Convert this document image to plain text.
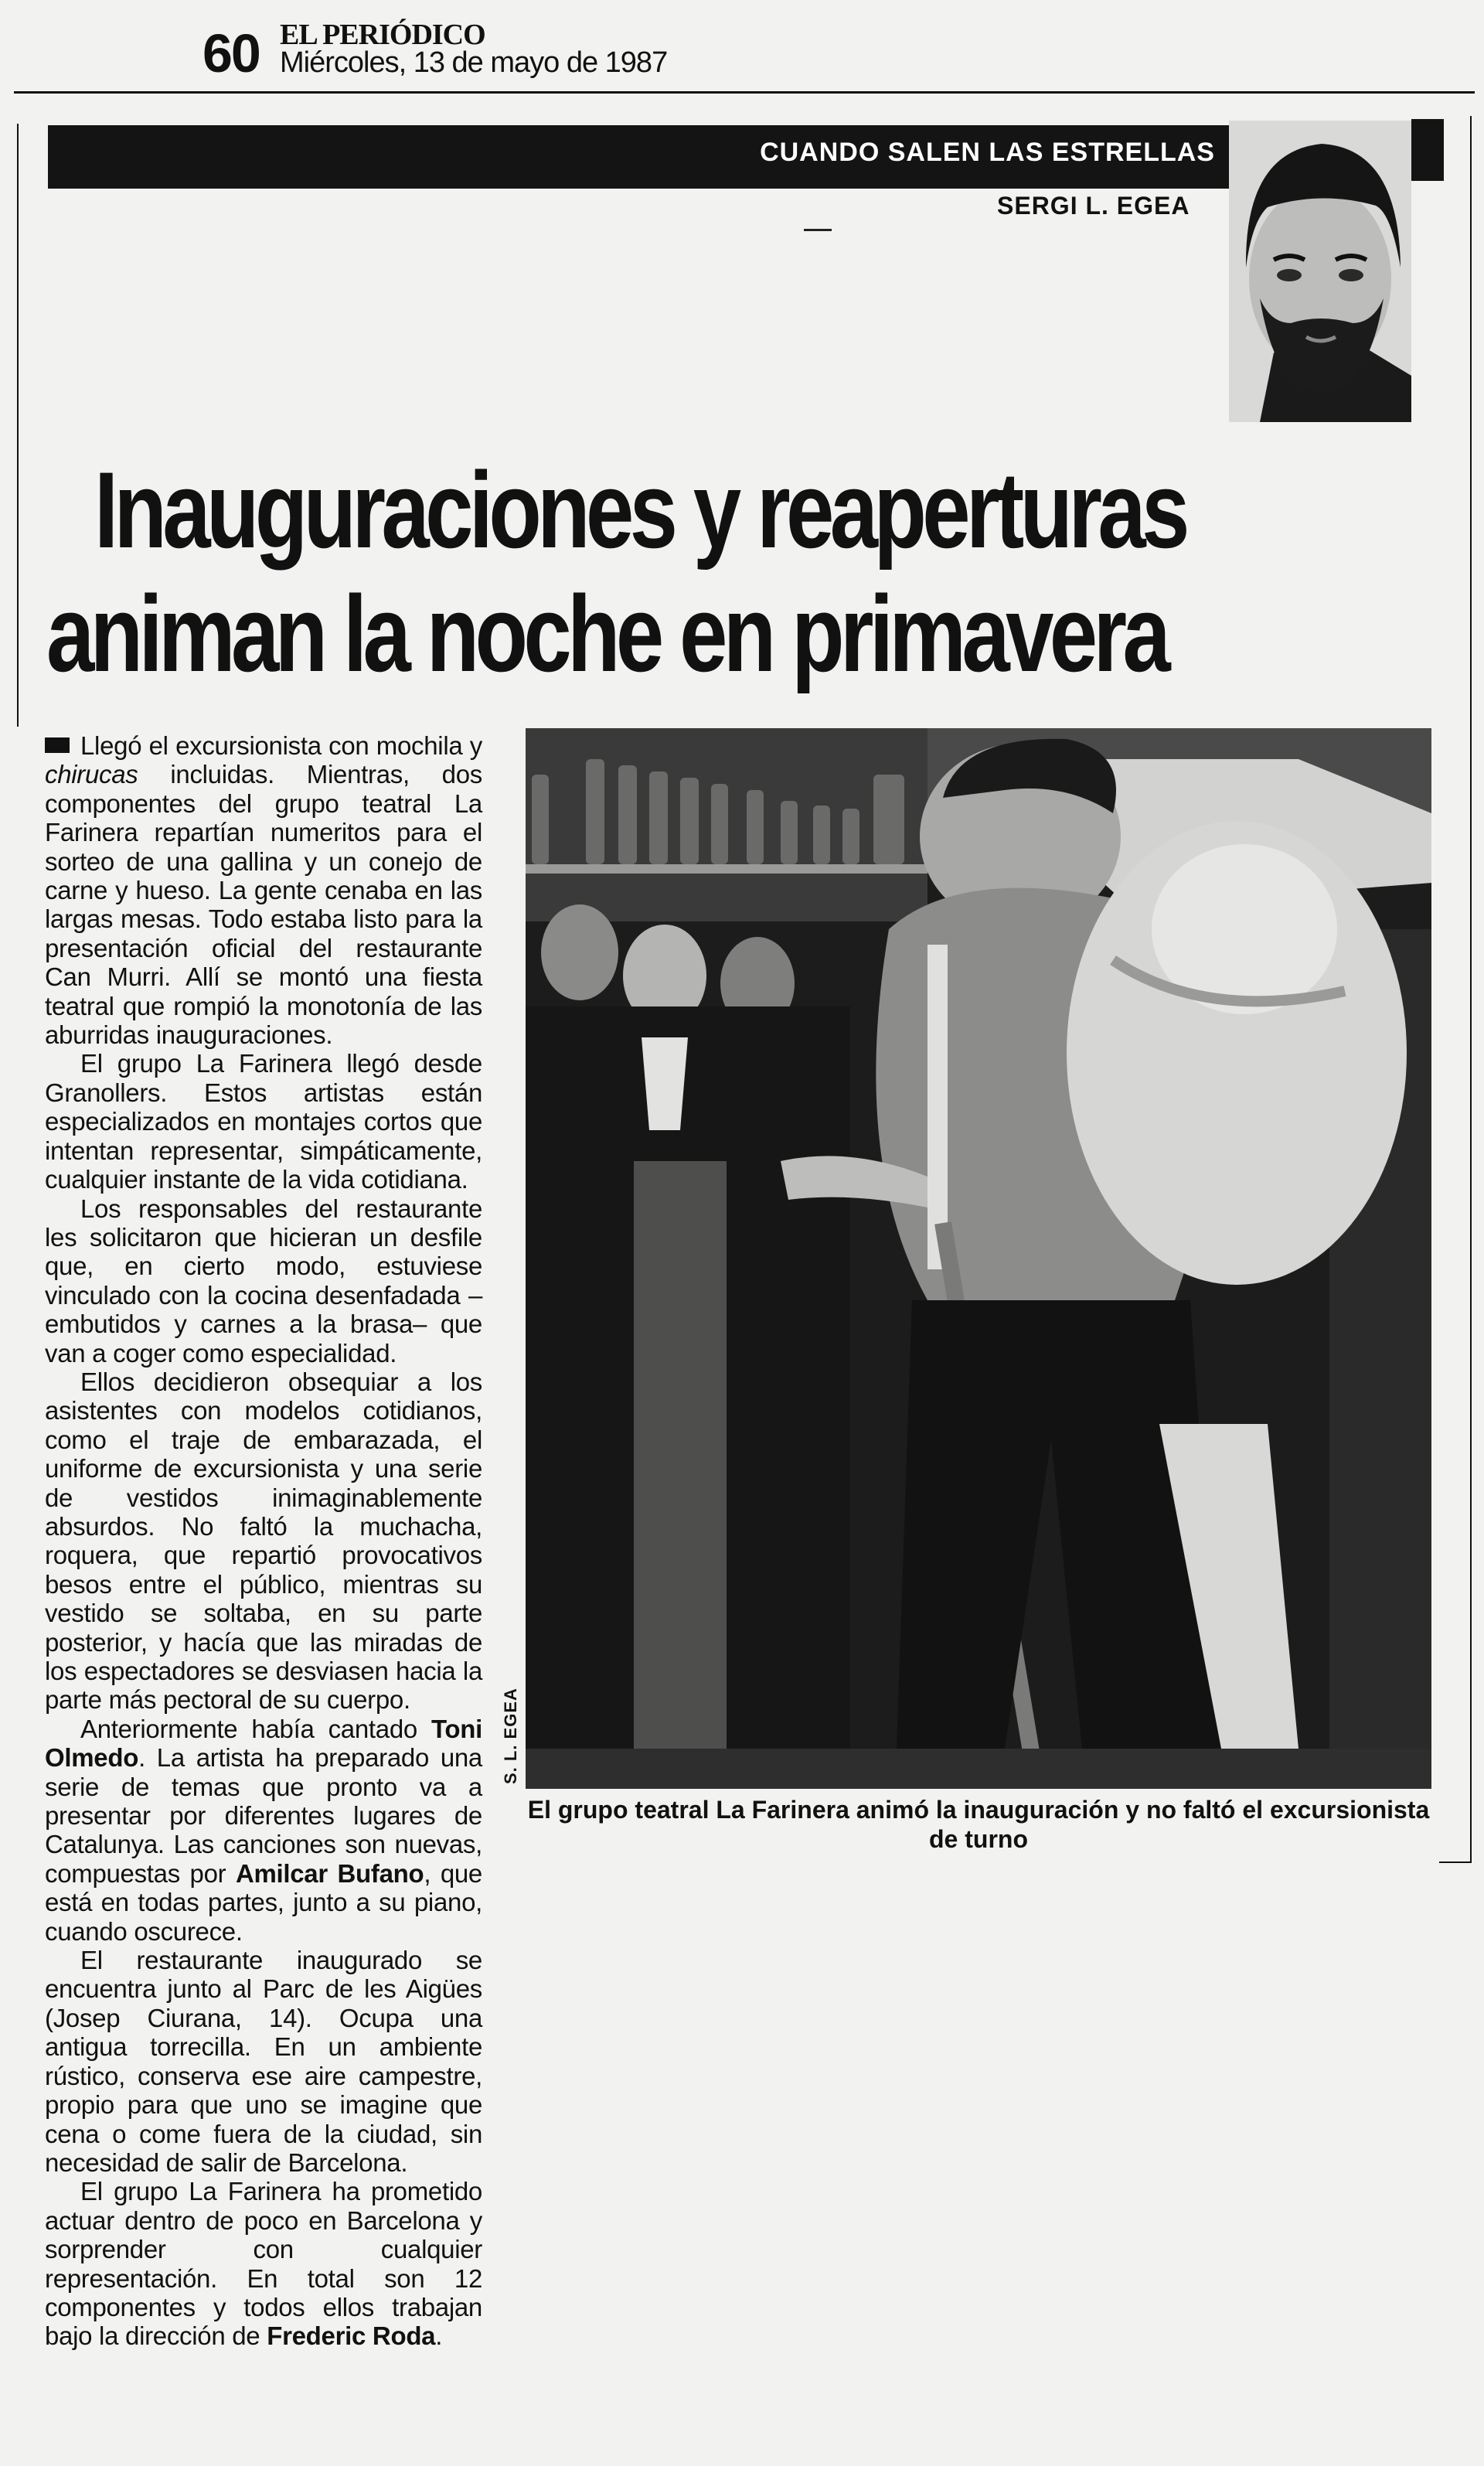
60 EL PERIÓDICO
Miércoles, 13 de mayo de 1987
CUANDO SALEN LAS ESTRELLAS
SERGI L. EGEA
Inauguraciones y reaperturas
animan la noche en primavera

Llegó el excursionista con mochila y chirucas incluidas. Mientras, dos componentes del grupo teatral La Farinera repartían numeritos para el sorteo de una gallina y un conejo de carne y hueso. La gente cenaba en las largas mesas. Todo estaba listo para la presentación oficial del restaurante Can Murri. Allí se montó una fiesta teatral que rompió la monotonía de las aburridas inauguraciones.

El grupo La Farinera llegó desde Granollers. Estos artistas están especializados en montajes cortos que intentan representar, simpáticamente, cualquier instante de la vida cotidiana.

Los responsables del restaurante les solicitaron que hicieran un desfile que, en cierto modo, estuviese vinculado con la cocina desenfadada –embutidos y carnes a la brasa– que van a coger como especialidad.

Ellos decidieron obsequiar a los asistentes con modelos cotidianos, como el traje de embarazada, el uniforme de excursionista y una serie de vestidos inimaginablemente absurdos. No faltó la muchacha, roquera, que repartió provocativos besos entre el público, mientras su vestido se soltaba, en su parte posterior, y hacía que las miradas de los espectadores se desviasen hacia la parte más pectoral de su cuerpo.

Anteriormente había cantado Toni Olmedo. La artista ha preparado una serie de temas que pronto va a presentar por diferentes lugares de Catalunya. Las canciones son nuevas, compuestas por Amilcar Bufano, que está en todas partes, junto a su piano, cuando oscurece.

El restaurante inaugurado se encuentra junto al Parc de les Aigües (Josep Ciurana, 14). Ocupa una antigua torrecilla. En un ambiente rústico, conserva ese aire campestre, propio para que uno se imagine que cena o come fuera de la ciudad, sin necesidad de salir de Barcelona.

El grupo La Farinera ha prometido actuar dentro de poco en Barcelona y sorprender con cualquier representación. En total son 12 componentes y todos ellos trabajan bajo la dirección de Frederic Roda.

S. L. EGEA
El grupo teatral La Farinera animó la inauguración y no faltó el excursionista de turno
